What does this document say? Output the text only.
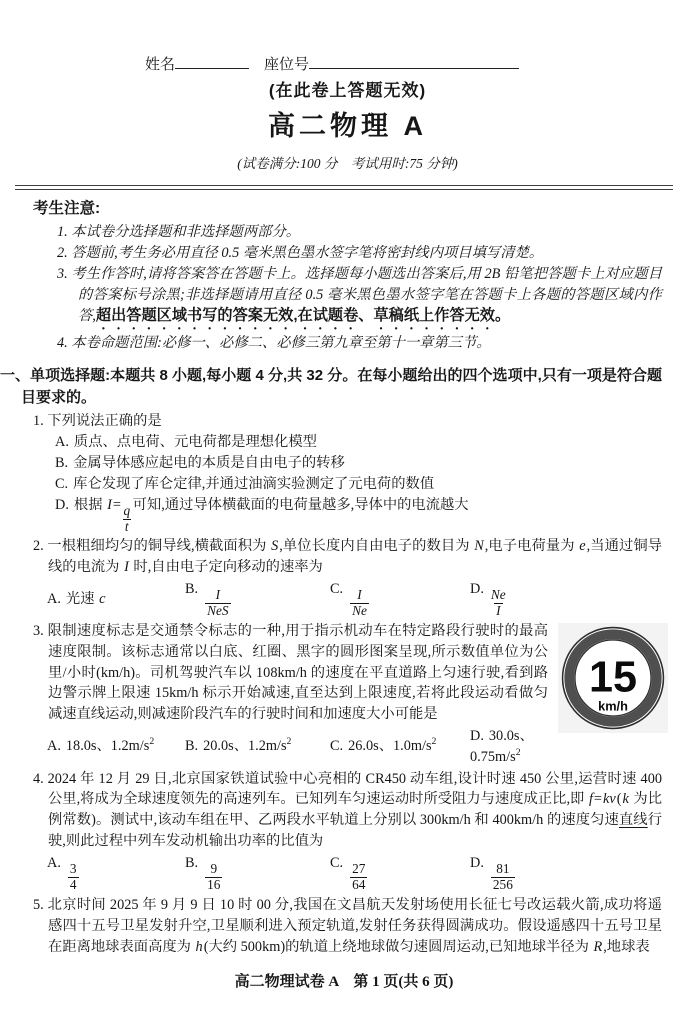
姓名	座位号
(在此卷上答题无效)
高二物理 A
(试卷满分:100 分　考试用时:75 分钟)
考生注意:
1. 本试卷分选择题和非选择题两部分。
2. 答题前,考生务必用直径 0.5 毫米黑色墨水签字笔将密封线内项目填写清楚。
3. 考生作答时,请将答案答在答题卡上。选择题每小题选出答案后,用 2B 铅笔把答题卡上对应题目的答案标号涂黑;非选择题请用直径 0.5 毫米黑色墨水签字笔在答题卡上各题的答题区域内作答,超出答题区域书写的答案无效,在试题卷、草稿纸上作答无效。
4. 本卷命题范围:必修一、必修二、必修三第九章至第十一章第三节。
一、单项选择题:本题共 8 小题,每小题 4 分,共 32 分。在每小题给出的四个选项中,只有一项是符合题目要求的。

1. 下列说法正确的是

A. 质点、点电荷、元电荷都是理想化模型
B. 金属导体感应起电的本质是自由电子的转移
C. 库仑发现了库仑定律,并通过油滴实验测定了元电荷的数值
D. 根据 $I= \frac{q}{t}$ 可知,通过导体横截面的电荷量越多,导体中的电流越大

2. 一根粗细均匀的铜导线,横截面积为 S,单位长度内自由电子的数目为 N,电子电荷量为 e,当通过铜导线的电流为 I 时,自由电子定向移动的速率为

A. 光速 c
B. $\frac{I}{\text{NeS}}$	C. $\frac{I}{Ne}$	D. $\frac{Ne}{I}$
15
km/h

3. 限制速度标志是交通禁令标志的一种,用于指示机动车在特定路段行驶时的最高速度限制。该标志通常以白底、红圈、黑字的圆形图案呈现,所示数值单位为公里/小时(km/h)。司机驾驶汽车以 108km/h 的速度在平直道路上匀速行驶,看到路边警示牌上限速 15km/h 标示开始减速,直至达到上限速度,若将此段运动看做匀减速直线运动,则减速阶段汽车的行驶时间和加速度大小可能是

A. 18.0s、$1.2m/s^2$	B. 20.0s、$1.2m/s^2$	C. 26.0s、$1.0m/s^2$	D. 30.0s、$0.75m/s^2$

4. 2024 年 12 月 29 日,北京国家铁道试验中心亮相的 CR450 动车组,设计时速 450 公里,运营时速 400 公里,将成为全球速度领先的高速列车。已知列车匀速运动时所受阻力与速度成正比,即 f=kv(k 为比例常数)。测试中,该动车组在甲、乙两段水平轨道上分别以 300km/h 和 400km/h 的速度匀速直线行驶,则此过程中列车发动机输出功率的比值为

A. $\frac{3}{4}$	B. $\frac{9}{16}$	C. $\frac{27}{64}$	D. $\frac{81}{256}$

5. 北京时间 2025 年 9 月 9 日 10 时 00 分,我国在文昌航天发射场使用长征七号改运载火箭,成功将遥感四十五号卫星发射升空,卫星顺利进入预定轨道,发射任务获得圆满成功。假设遥感四十五号卫星在距离地球表面高度为 h(大约 500km)的轨道上绕地球做匀速圆周运动,已知地球半径为 R,地球表

高二物理试卷 A　第 1 页(共 6 页)
